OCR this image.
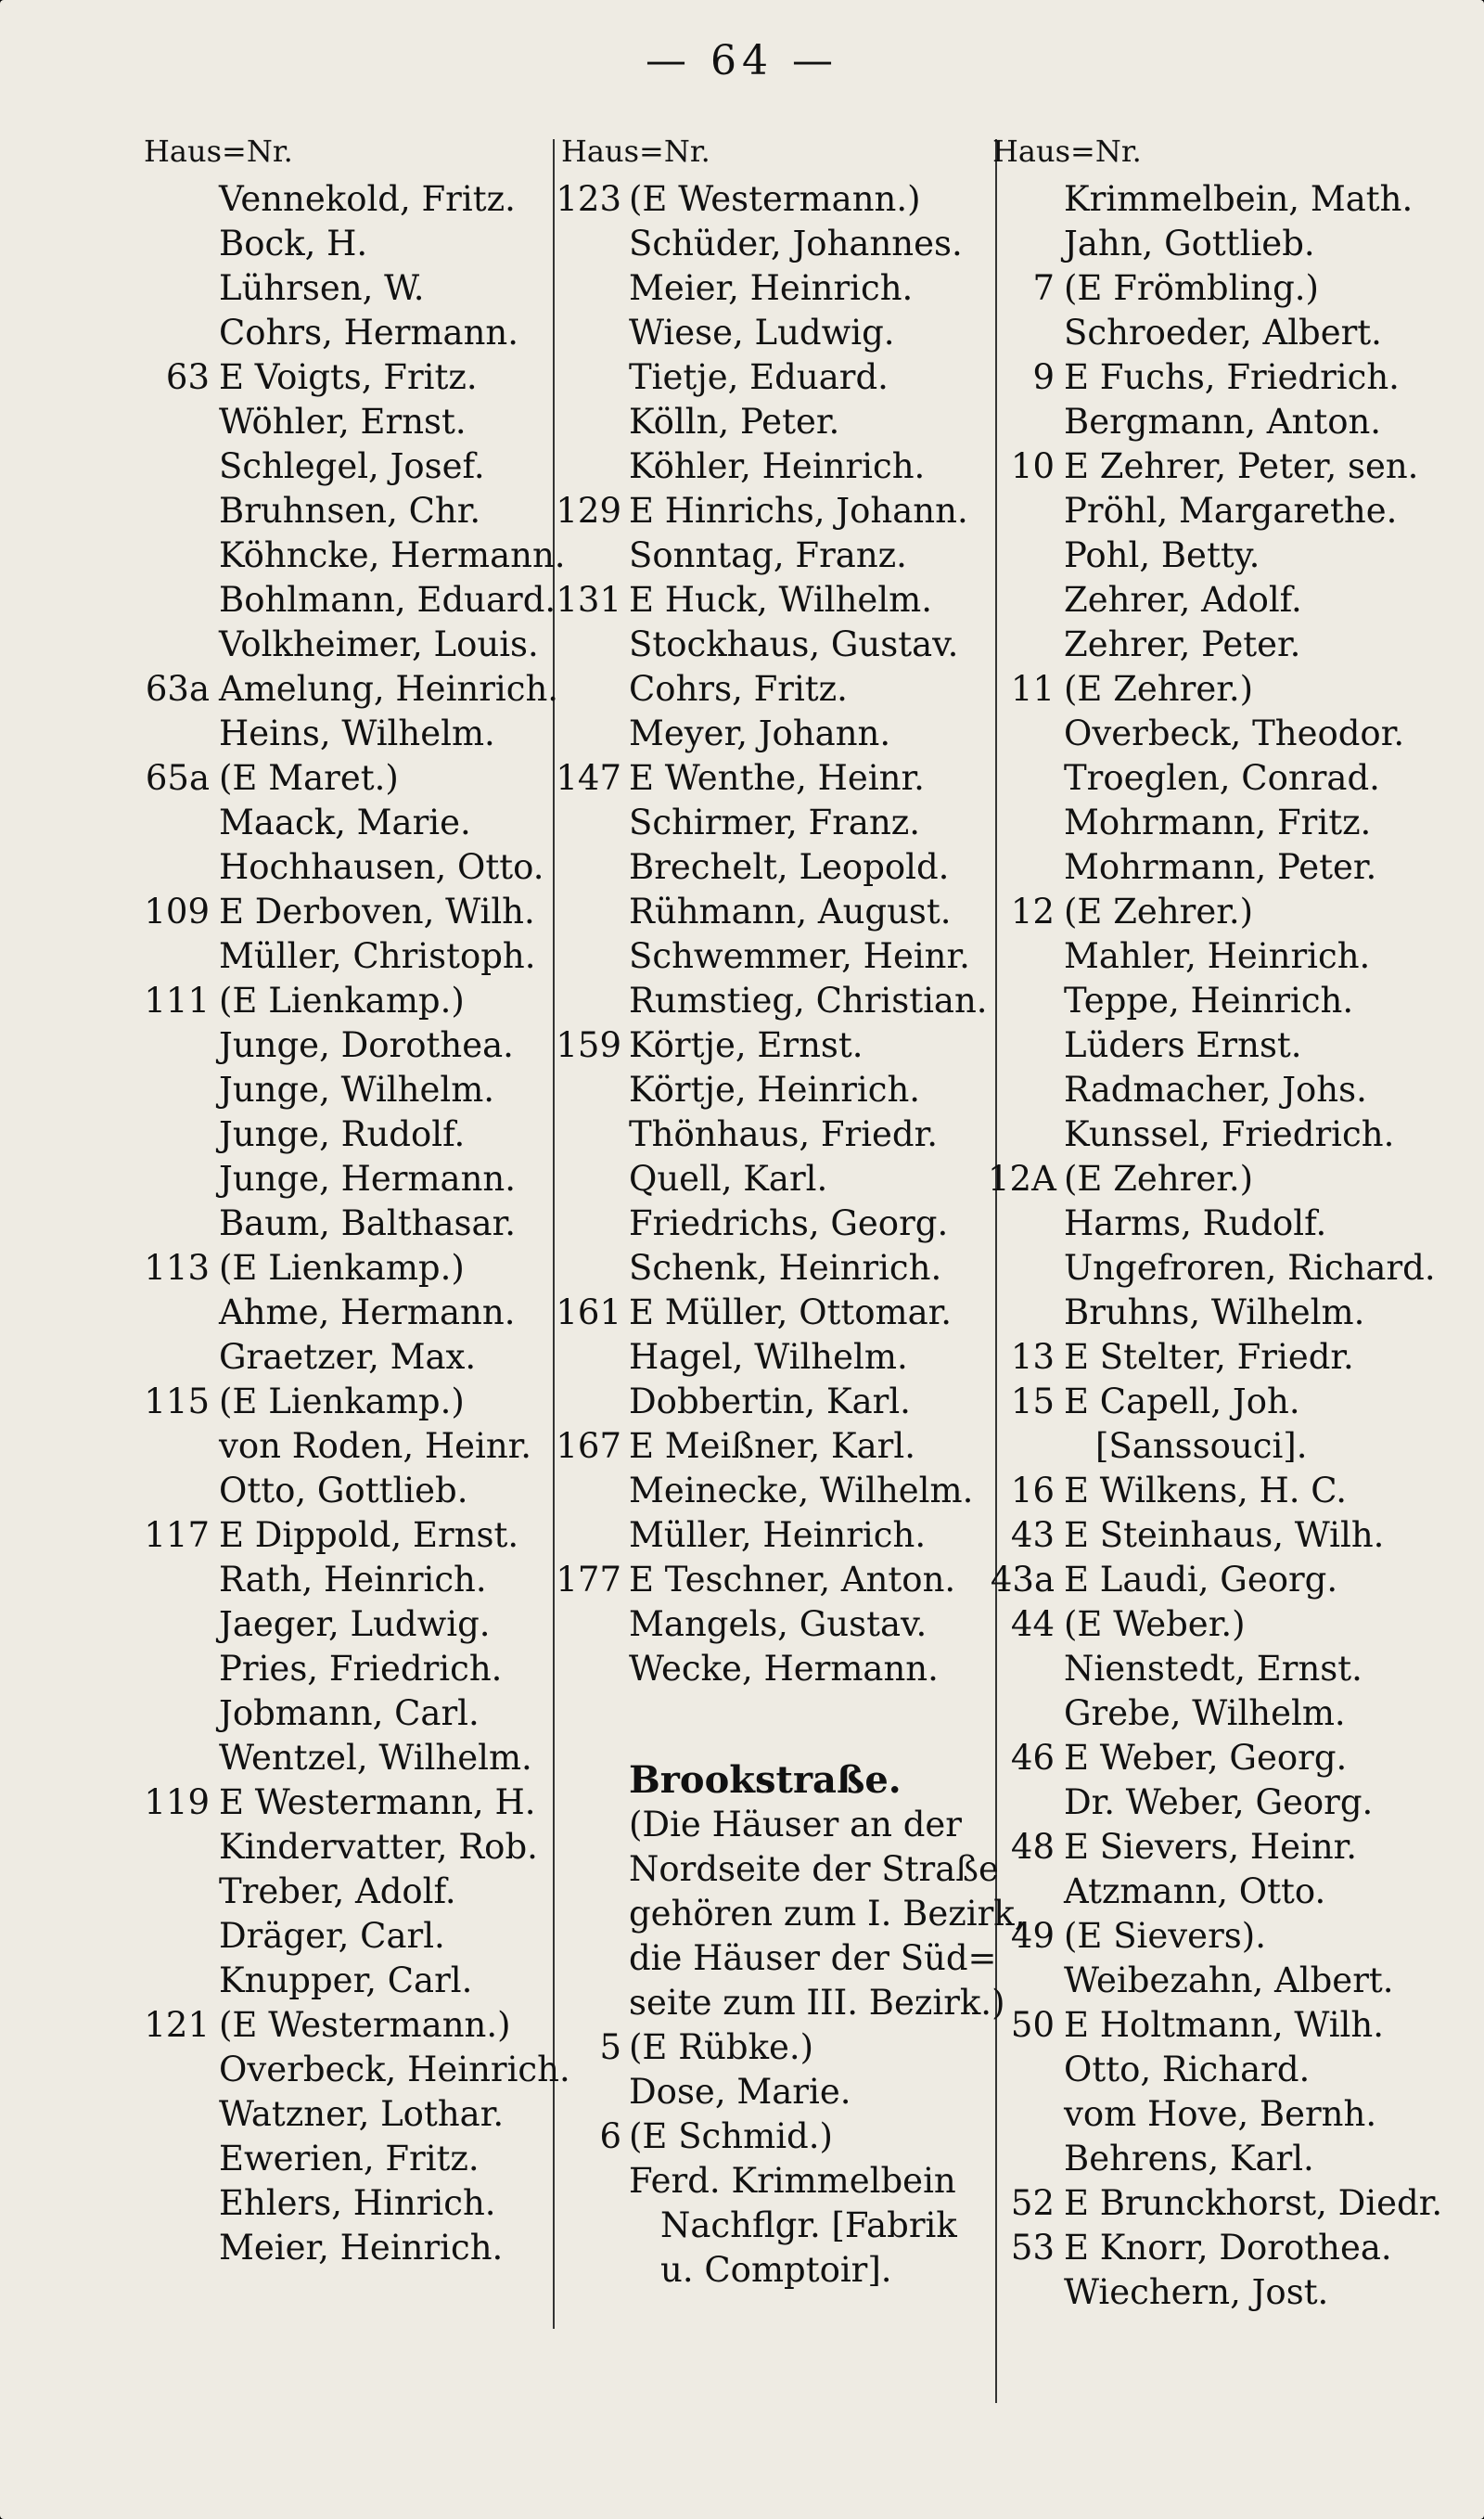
— 64 —
Haus=Nr.
Vennekold, Fritz.
Bock, H.
Lührsen, W.
Cohrs, Hermann.
63 E Voigts, Fritz.
Wöhler, Ernst.
Schlegel, Josef.
Bruhnsen, Chr.
Köhncke, Hermann.
Bohlmann, Eduard.
Volkheimer, Louis.
63a Amelung, Heinrich.
Heins, Wilhelm.
65a (E Maret.)
Maack, Marie.
Hochhausen, Otto.
109 E Derboven, Wilh.
Müller, Christoph.
111 (E Lienkamp.)
Junge, Dorothea.
Junge, Wilhelm.
Junge, Rudolf.
Junge, Hermann.
Baum, Balthasar.
113 (E Lienkamp.)
Ahme, Hermann.
Graetzer, Max.
115 (E Lienkamp.)
von Roden, Heinr.
Otto, Gottlieb.
117 E Dippold, Ernst.
Rath, Heinrich.
Jaeger, Ludwig.
Pries, Friedrich.
Jobmann, Carl.
Wentzel, Wilhelm.
119 E Westermann, H.
Kindervatter, Rob.
Treber, Adolf.
Dräger, Carl.
Knupper, Carl.
121 (E Westermann.)
Overbeck, Heinrich.
Watzner, Lothar.
Ewerien, Fritz.
Ehlers, Hinrich.
Meier, Heinrich.
Haus=Nr.
123 (E Westermann.)
Schüder, Johannes.
Meier, Heinrich.
Wiese, Ludwig.
Tietje, Eduard.
Kölln, Peter.
Köhler, Heinrich.
129 E Hinrichs, Johann.
Sonntag, Franz.
131 E Huck, Wilhelm.
Stockhaus, Gustav.
Cohrs, Fritz.
Meyer, Johann.
147 E Wenthe, Heinr.
Schirmer, Franz.
Brechelt, Leopold.
Rühmann, August.
Schwemmer, Heinr.
Rumstieg, Christian.
159 Körtje, Ernst.
Körtje, Heinrich.
Thönhaus, Friedr.
Quell, Karl.
Friedrichs, Georg.
Schenk, Heinrich.
161 E Müller, Ottomar.
Hagel, Wilhelm.
Dobbertin, Karl.
167 E Meißner, Karl.
Meinecke, Wilhelm.
Müller, Heinrich.
177 E Teschner, Anton.
Mangels, Gustav.
Wecke, Hermann.
Brookstraße.
(Die Häuser an der
Nordseite der Straße
gehören zum I. Bezirk,
die Häuser der Süd=
seite zum III. Bezirk.)
5 (E Rübke.)
Dose, Marie.
6 (E Schmid.)
Ferd. Krimmelbein
Nachflgr. [Fabrik
u. Comptoir].
Haus=Nr.
Krimmelbein, Math.
Jahn, Gottlieb.
7 (E Frömbling.)
Schroeder, Albert.
9 E Fuchs, Friedrich.
Bergmann, Anton.
10 E Zehrer, Peter, sen.
Pröhl, Margarethe.
Pohl, Betty.
Zehrer, Adolf.
Zehrer, Peter.
11 (E Zehrer.)
Overbeck, Theodor.
Troeglen, Conrad.
Mohrmann, Fritz.
Mohrmann, Peter.
12 (E Zehrer.)
Mahler, Heinrich.
Teppe, Heinrich.
Lüders Ernst.
Radmacher, Johs.
Kunssel, Friedrich.
12A (E Zehrer.)
Harms, Rudolf.
Ungefroren, Richard.
Bruhns, Wilhelm.
13 E Stelter, Friedr.
15 E Capell, Joh.
[Sanssouci].
16 E Wilkens, H. C.
43 E Steinhaus, Wilh.
43a E Laudi, Georg.
44 (E Weber.)
Nienstedt, Ernst.
Grebe, Wilhelm.
46 E Weber, Georg.
Dr. Weber, Georg.
48 E Sievers, Heinr.
Atzmann, Otto.
49 (E Sievers).
Weibezahn, Albert.
50 E Holtmann, Wilh.
Otto, Richard.
vom Hove, Bernh.
Behrens, Karl.
52 E Brunckhorst, Diedr.
53 E Knorr, Dorothea.
Wiechern, Jost.
